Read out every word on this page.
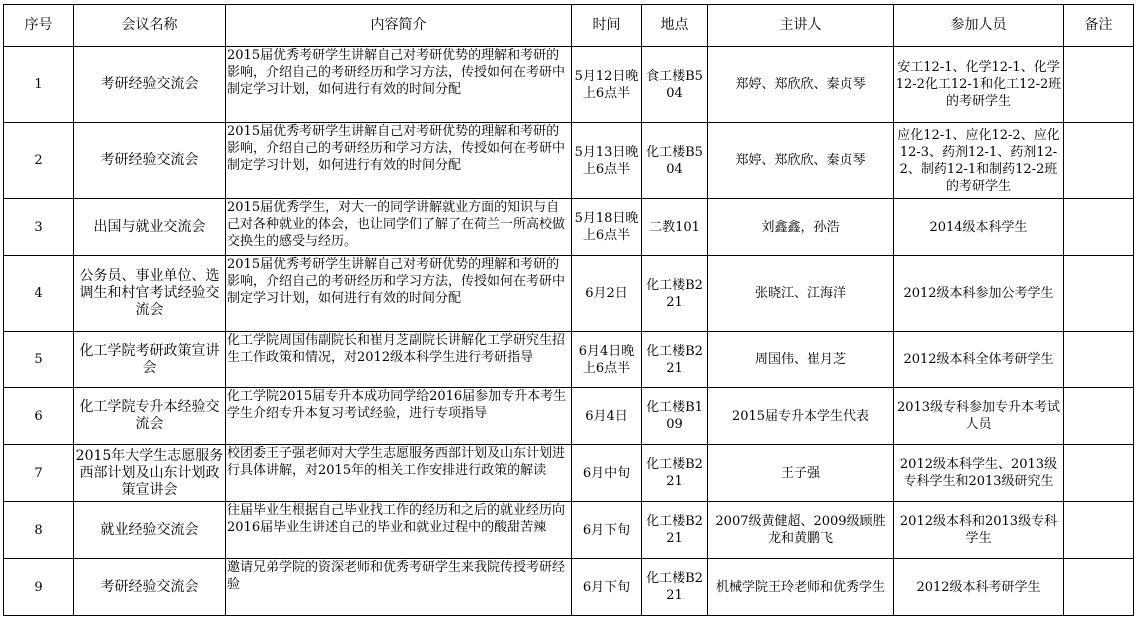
序号	会议名称	内容简介	时间	地点	主讲人	参加人员	备注
1	考研经验交流会	2015届优秀考研学生讲解自己对考研优势的理解和考研的影响，介绍自己的考研经历和学习方法，传授如何在考研中制定学习计划，如何进行有效的时间分配	5月12日晚上6点半	食工楼B504	郑婷、郑欣欣、秦贞琴	安工12-1、化学12-1、化学12-2化工12-1和化工12-2班的考研学生	
2	考研经验交流会	2015届优秀考研学生讲解自己对考研优势的理解和考研的影响，介绍自己的考研经历和学习方法，传授如何在考研中制定学习计划，如何进行有效的时间分配	5月13日晚上6点半	化工楼B504	郑婷、郑欣欣、秦贞琴	应化12-1、应化12-2、应化12-3、药剂12-1、药剂12-2、制药12-1和制药12-2班的考研学生	
3	出国与就业交流会	2015届优秀学生，对大一的同学讲解就业方面的知识与自己对各种就业的体会，也让同学们了解了在荷兰一所高校做交换生的感受与经历。	5月18日晚上6点半	二教101	刘鑫鑫，孙浩	2014级本科学生	
4	公务员、事业单位、选调生和村官考试经验交流会	2015届优秀考研学生讲解自己对考研优势的理解和考研的影响，介绍自己的考研经历和学习方法，传授如何在考研中制定学习计划，如何进行有效的时间分配	6月2日	化工楼B221	张晓江、江海洋	2012级本科参加公考学生	
5	化工学院考研政策宣讲会	化工学院周国伟副院长和崔月芝副院长讲解化工学研究生招生工作政策和情况，对2012级本科学生进行考研指导	6月4日晚上6点半	化工楼B221	周国伟、崔月芝	2012级本科全体考研学生	
6	化工学院专升本经验交流会	化工学院2015届专升本成功同学给2016届参加专升本考生学生介绍专升本复习考试经验，进行专项指导	6月4日	化工楼B109	2015届专升本学生代表	2013级专科参加专升本考试人员	
7	2015年大学生志愿服务西部计划及山东计划政策宣讲会	校团委王子强老师对大学生志愿服务西部计划及山东计划进行具体讲解，对2015年的相关工作安排进行政策的解读	6月中旬	化工楼B221	王子强	2012级本科学生、2013级专科学生和2013级研究生	
8	就业经验交流会	往届毕业生根据自己毕业找工作的经历和之后的就业经历向2016届毕业生讲述自己的毕业和就业过程中的酸甜苦辣	6月下旬	化工楼B221	2007级黄健超、2009级顾胜龙和黄鹏飞	2012级本科和2013级专科学生	
9	考研经验交流会	邀请兄弟学院的资深老师和优秀考研学生来我院传授考研经验	6月下旬	化工楼B221	机械学院王玲老师和优秀学生	2012级本科考研学生	
